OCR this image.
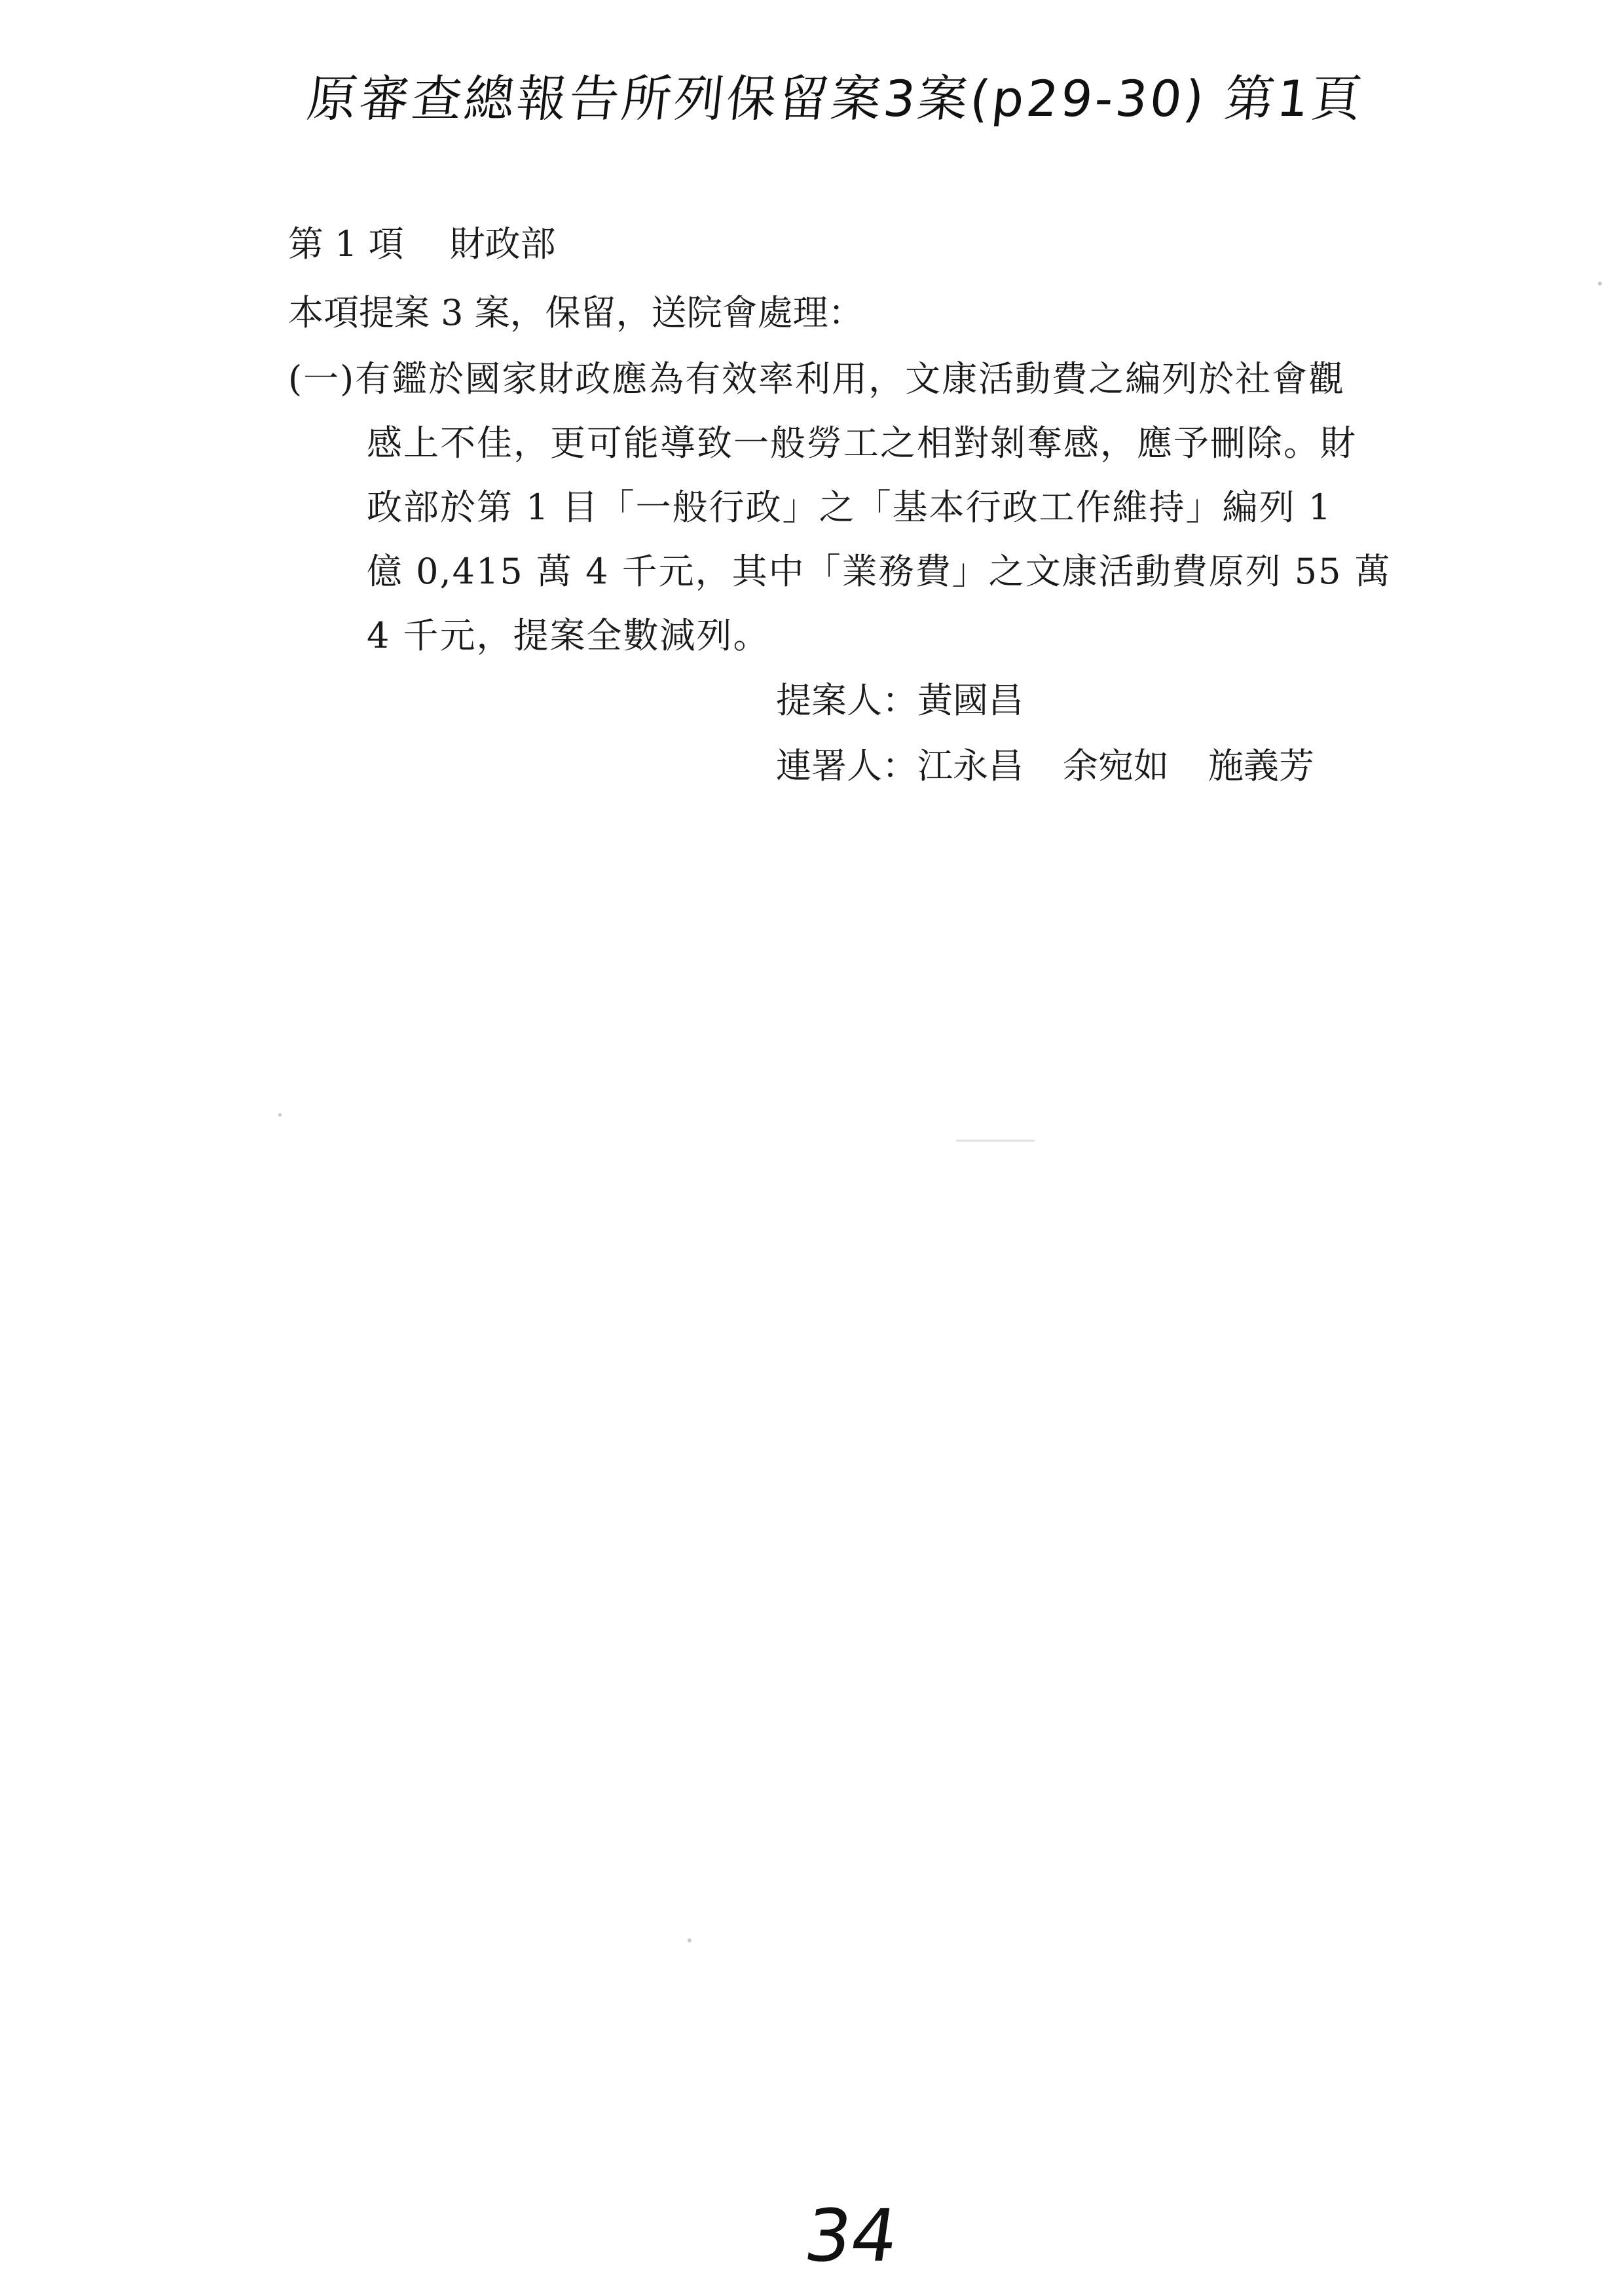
原審查總報告所列保留案3案(p29-30) 第1頁
第 1 項 財政部
本項提案 3 案，保留，送院會處理：
(一)有鑑於國家財政應為有效率利用，文康活動費之編列於社會觀
感上不佳，更可能導致一般勞工之相對剝奪感，應予刪除。財
政部於第 1 目「一般行政」之「基本行政工作維持」編列 1
億 0,415 萬 4 千元，其中「業務費」之文康活動費原列 55 萬
4 千元，提案全數減列。
提案人：黃國昌
連署人：江永昌 余宛如 施義芳
34
